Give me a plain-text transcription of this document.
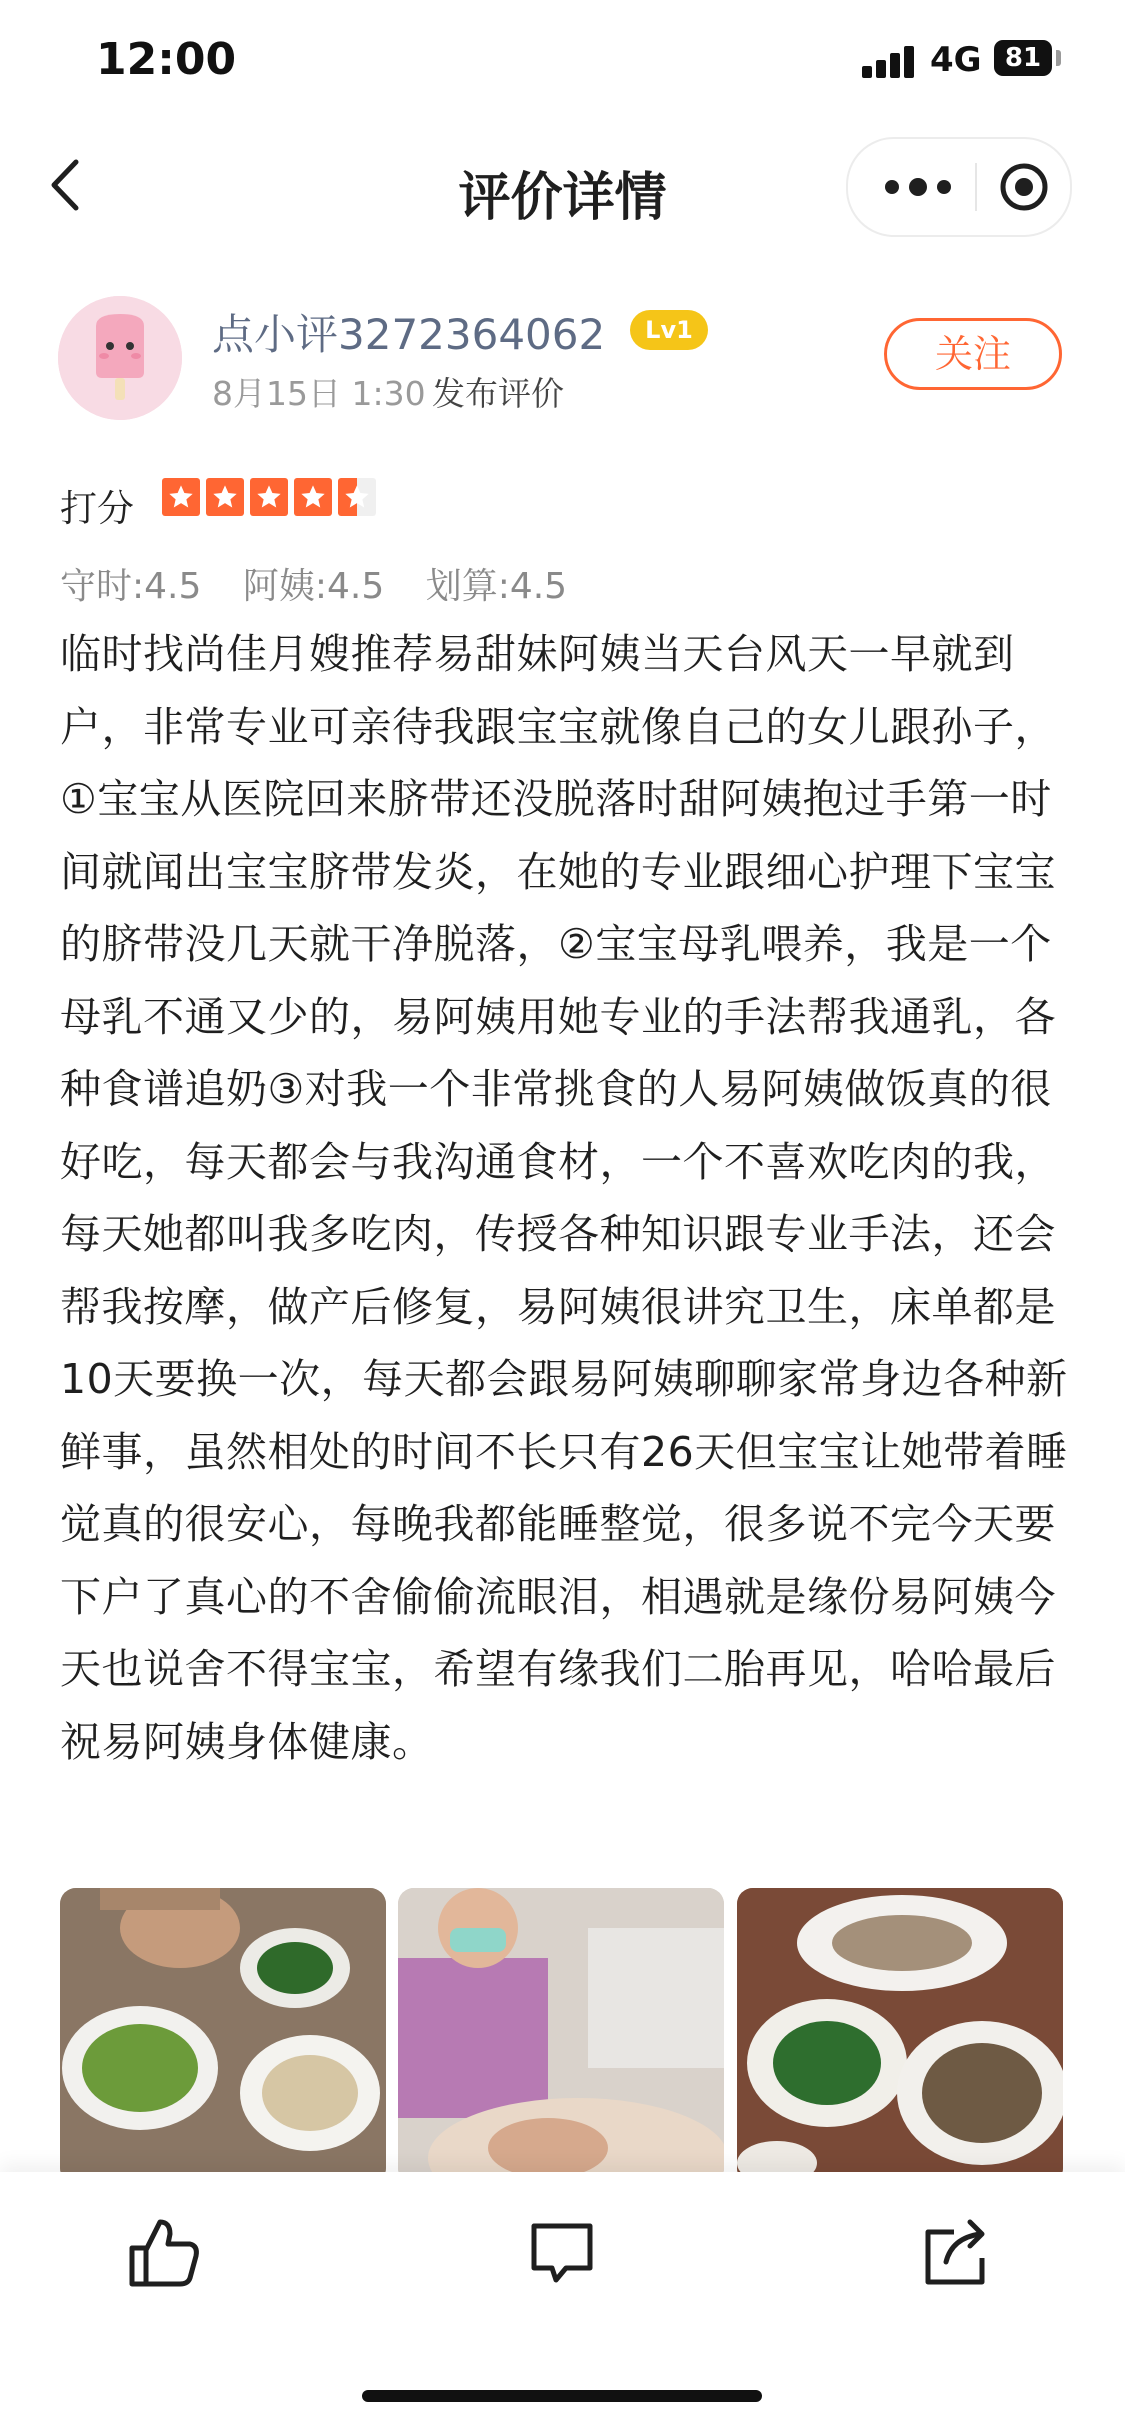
12:00	4G 81
评价详情
点小评3272364062	Lv1
8月15日 1:30 发布评价
关注
打分
守时:4.5 阿姨:4.5 划算:4.5
临时找尚佳月嫂推荐易甜妹阿姨当天台风天一早就到户，非常专业可亲待我跟宝宝就像自己的女儿跟孙子，①宝宝从医院回来脐带还没脱落时甜阿姨抱过手第一时间就闻出宝宝脐带发炎，在她的专业跟细心护理下宝宝的脐带没几天就干净脱落，②宝宝母乳喂养，我是一个母乳不通又少的，易阿姨用她专业的手法帮我通乳，各种食谱追奶③对我一个非常挑食的人易阿姨做饭真的很好吃，每天都会与我沟通食材，一个不喜欢吃肉的我，每天她都叫我多吃肉，传授各种知识跟专业手法，还会帮我按摩，做产后修复，易阿姨很讲究卫生，床单都是10天要换一次，每天都会跟易阿姨聊聊家常身边各种新鲜事，虽然相处的时间不长只有26天但宝宝让她带着睡觉真的很安心，每晚我都能睡整觉，很多说不完今天要下户了真心的不舍偷偷流眼泪，相遇就是缘份易阿姨今天也说舍不得宝宝，希望有缘我们二胎再见，哈哈最后祝易阿姨身体健康。
